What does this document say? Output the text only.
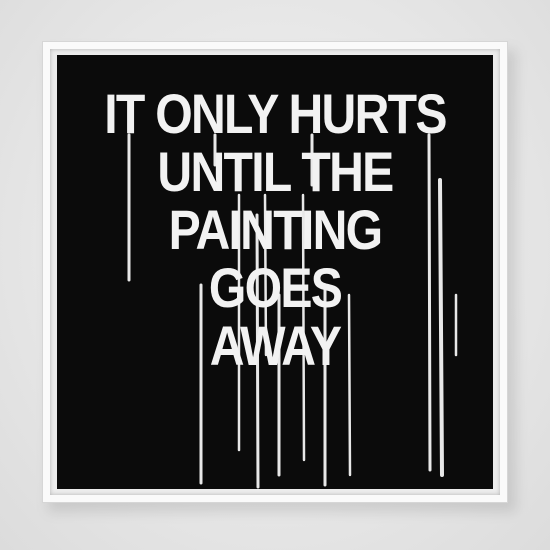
IT ONLY HURTS
UNTIL THE
PAINTING
GOES
AWAY
